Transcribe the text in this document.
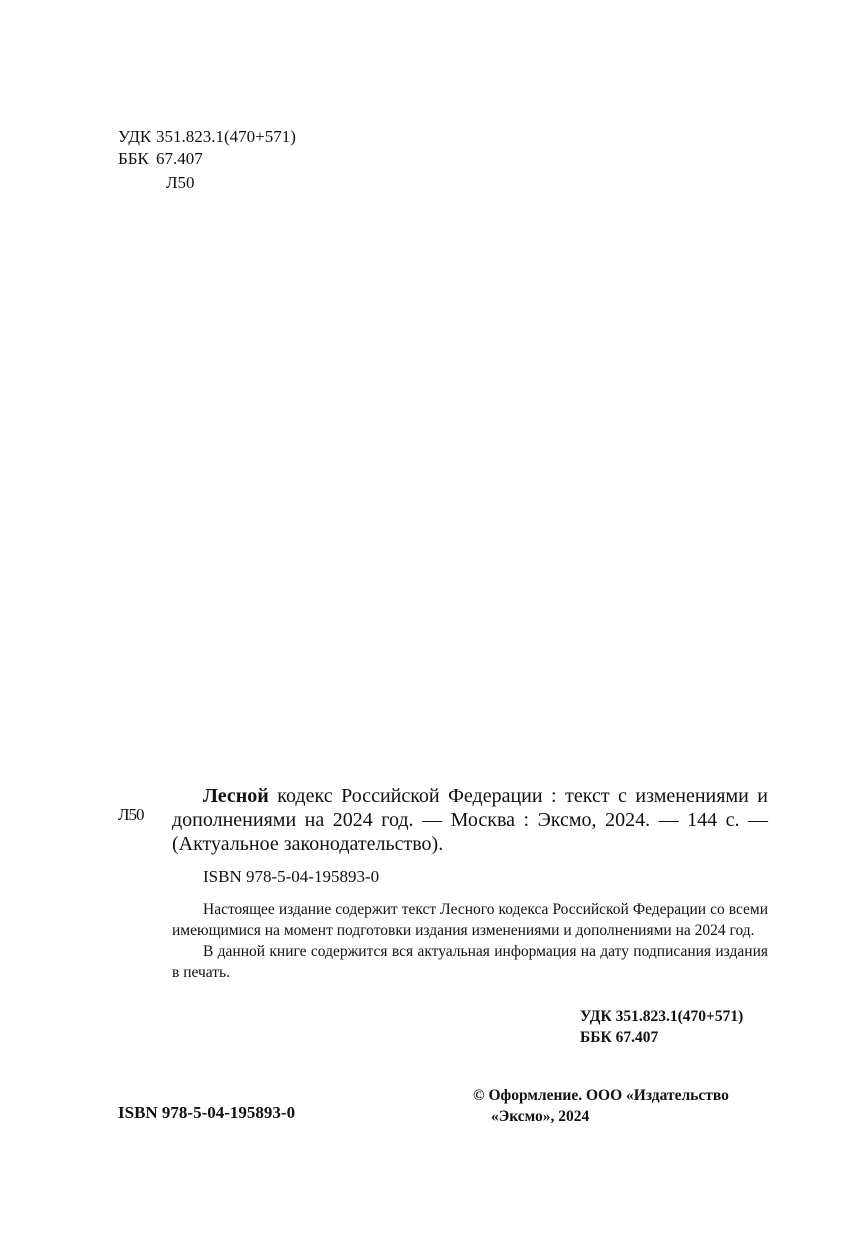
УДК 351.823.1(470+571)
ББК 67.407
Л50
Л50
Лесной кодекс Российской Федерации : текст с изменениями и дополнениями на 2024 год. — Москва : Эксмо, 2024. — 144 с. — (Актуальное законодательство).
ISBN 978-5-04-195893-0

Настоящее издание содержит текст Лесного кодекса Российской Федерации со всеми имеющимися на момент подготовки издания изменениями и дополнениями на 2024 год.

В данной книге содержится вся актуальная информация на дату подписания издания в печать.

УДК 351.823.1(470+571)
ББК 67.407
ISBN 978-5-04-195893-0
© Оформление. ООО «Издательство
«Эксмо», 2024
